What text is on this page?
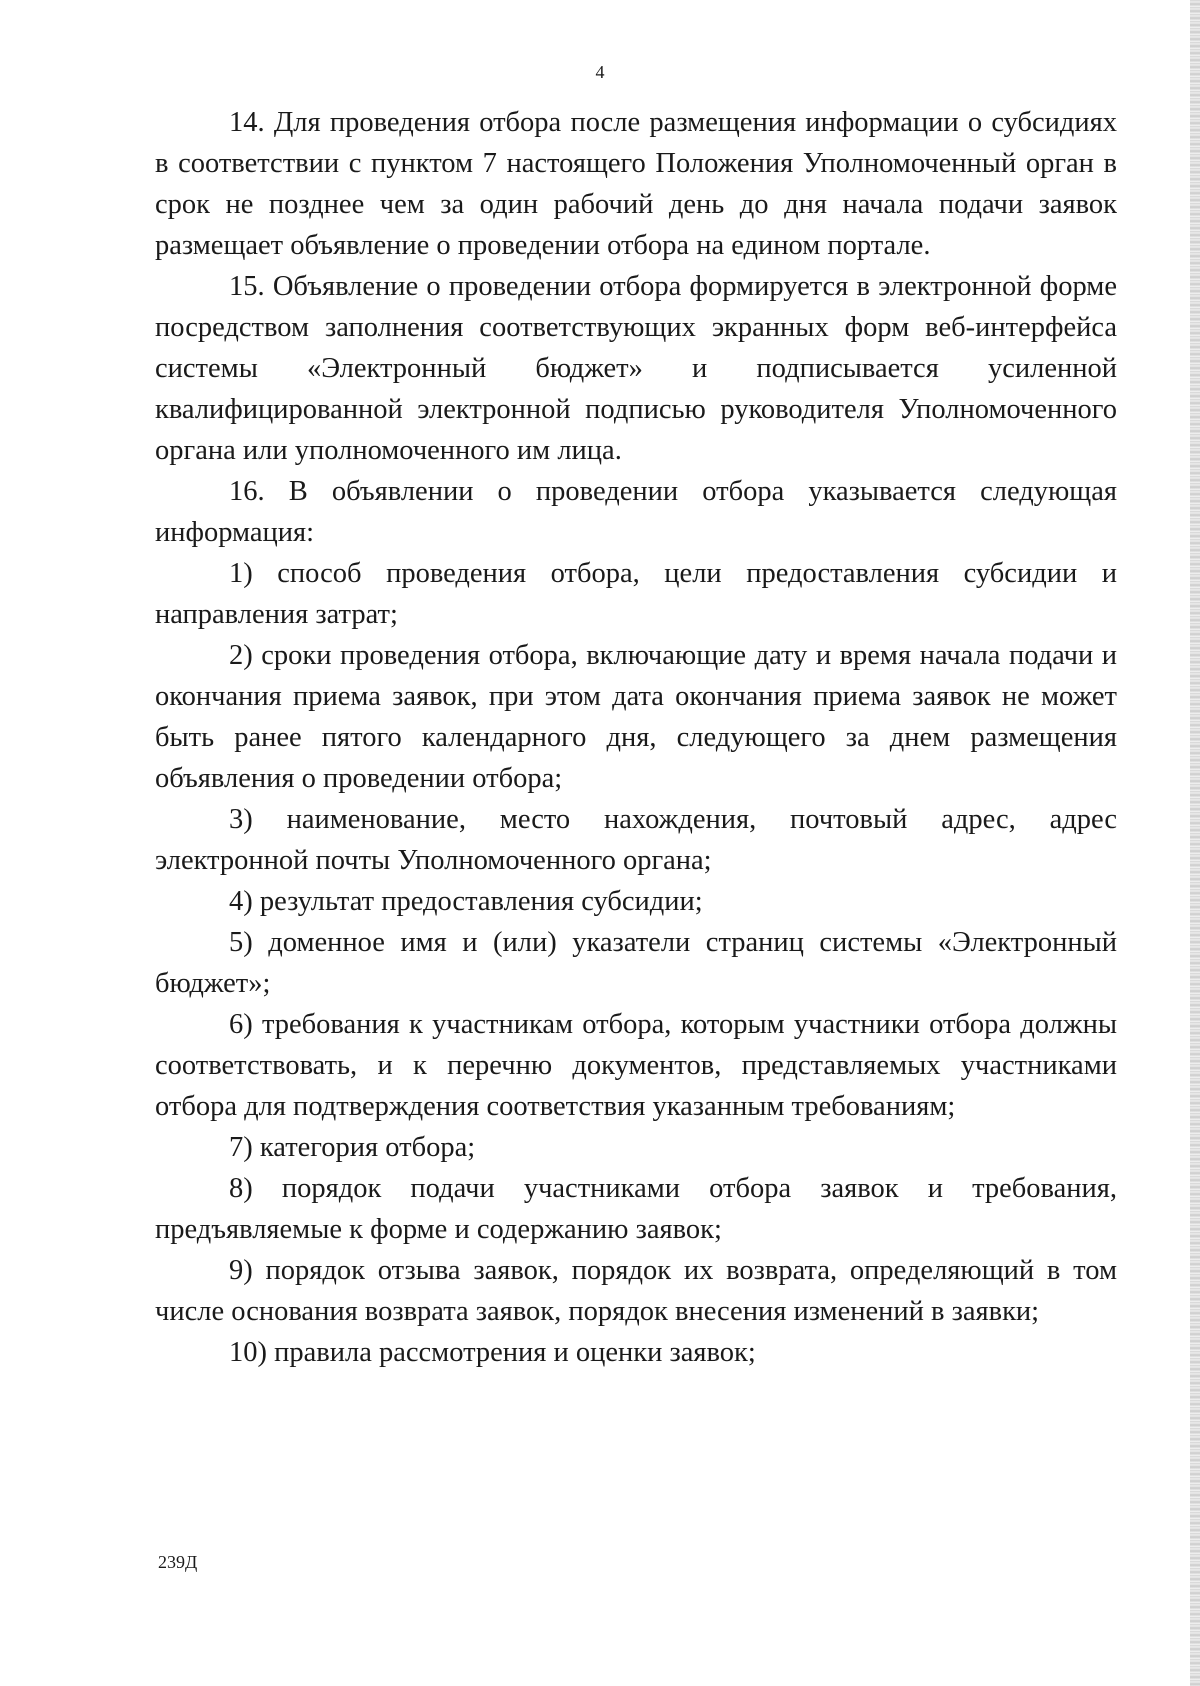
4

14. Для проведения отбора после размещения информации о субсидиях в соответствии с пунктом 7 настоящего Положения Уполномоченный орган в срок не позднее чем за один рабочий день до дня начала подачи заявок размещает объявление о проведении отбора на едином портале.

15. Объявление о проведении отбора формируется в электронной форме посредством заполнения соответствующих экранных форм веб-интерфейса системы «Электронный бюджет» и подписывается усиленной квалифицированной электронной подписью руководителя Уполномоченного органа или уполномоченного им лица.

16. В объявлении о проведении отбора указывается следующая информация:

1) способ проведения отбора, цели предоставления субсидии и направления затрат;

2) сроки проведения отбора, включающие дату и время начала подачи и окончания приема заявок, при этом дата окончания приема заявок не может быть ранее пятого календарного дня, следующего за днем размещения объявления о проведении отбора;

3) наименование, место нахождения, почтовый адрес, адрес электронной почты Уполномоченного органа;

4) результат предоставления субсидии;

5) доменное имя и (или) указатели страниц системы «Электронный бюджет»;

6) требования к участникам отбора, которым участники отбора должны соответствовать, и к перечню документов, представляемых участниками отбора для подтверждения соответствия указанным требованиям;

7) категория отбора;

8) порядок подачи участниками отбора заявок и требования, предъявляемые к форме и содержанию заявок;

9) порядок отзыва заявок, порядок их возврата, определяющий в том числе основания возврата заявок, порядок внесения изменений в заявки;

10) правила рассмотрения и оценки заявок;

239Д
